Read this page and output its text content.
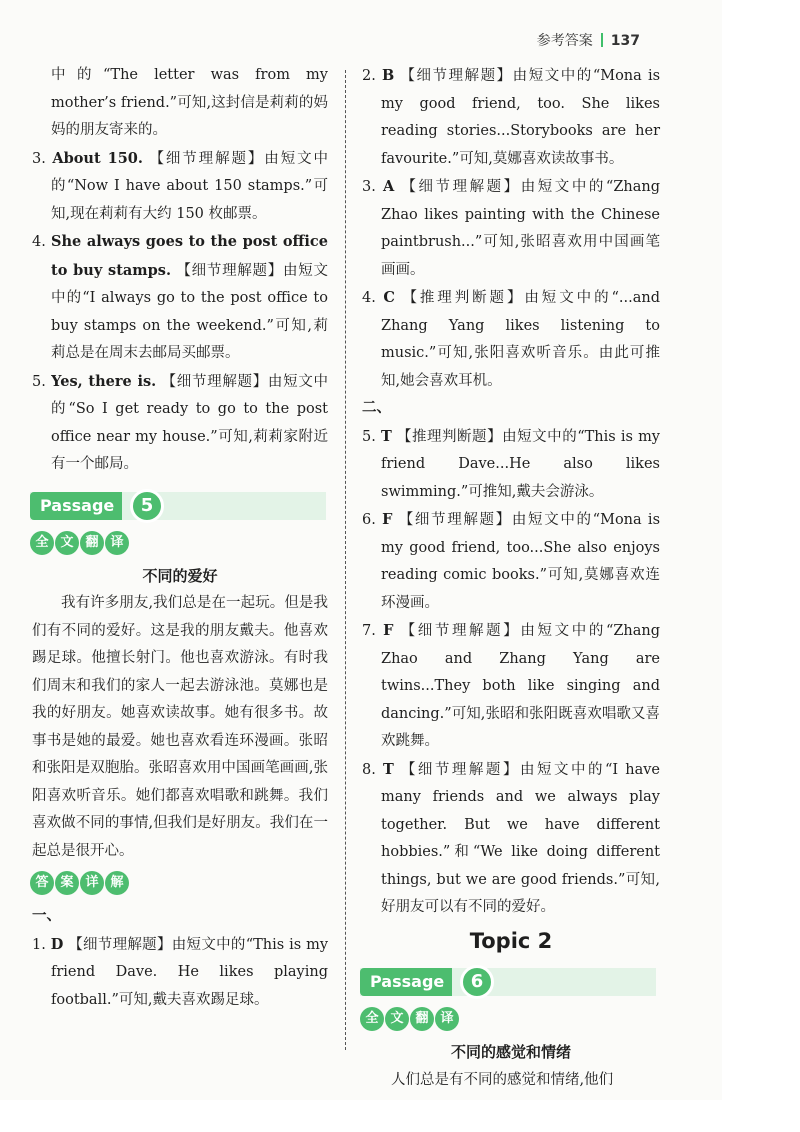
参考答案 137
中的“The letter was from my mother’s friend.”可知,这封信是莉莉的妈妈的朋友寄来的。
3. About 150. 【细节理解题】由短文中的“Now I have about 150 stamps.”可知,现在莉莉有大约 150 枚邮票。
4. She always goes to the post office to buy stamps. 【细节理解题】由短文中的“I always go to the post office to buy stamps on the weekend.”可知,莉莉总是在周末去邮局买邮票。
5. Yes, there is. 【细节理解题】由短文中的“So I get ready to go to the post office near my house.”可知,莉莉家附近有一个邮局。
Passage	5
全 文 翻 译
不同的爱好
我有许多朋友,我们总是在一起玩。但是我们有不同的爱好。这是我的朋友戴夫。他喜欢踢足球。他擅长射门。他也喜欢游泳。有时我们周末和我们的家人一起去游泳池。莫娜也是我的好朋友。她喜欢读故事。她有很多书。故事书是她的最爱。她也喜欢看连环漫画。张昭和张阳是双胞胎。张昭喜欢用中国画笔画画,张阳喜欢听音乐。她们都喜欢唱歌和跳舞。我们喜欢做不同的事情,但我们是好朋友。我们在一起总是很开心。
答 案 详 解
一、
1. D 【细节理解题】由短文中的“This is my friend Dave. He likes playing football.”可知,戴夫喜欢踢足球。
2. B 【细节理解题】由短文中的“Mona is my good friend, too. She likes reading stories...Storybooks are her favourite.”可知,莫娜喜欢读故事书。
3. A 【细节理解题】由短文中的“Zhang Zhao likes painting with the Chinese paintbrush...”可知,张昭喜欢用中国画笔画画。
4. C 【推理判断题】由短文中的“...and Zhang Yang likes listening to music.”可知,张阳喜欢听音乐。由此可推知,她会喜欢耳机。
二、
5. T 【推理判断题】由短文中的“This is my friend Dave...He also likes swimming.”可推知,戴夫会游泳。
6. F 【细节理解题】由短文中的“Mona is my good friend, too...She also enjoys reading comic books.”可知,莫娜喜欢连环漫画。
7. F 【细节理解题】由短文中的“Zhang Zhao and Zhang Yang are twins...They both like singing and dancing.”可知,张昭和张阳既喜欢唱歌又喜欢跳舞。
8. T 【细节理解题】由短文中的“I have many friends and we always play together. But we have different hobbies.”和“We like doing different things, but we are good friends.”可知,好朋友可以有不同的爱好。
Topic 2
Passage	6
全 文 翻 译
不同的感觉和情绪
人们总是有不同的感觉和情绪,他们
